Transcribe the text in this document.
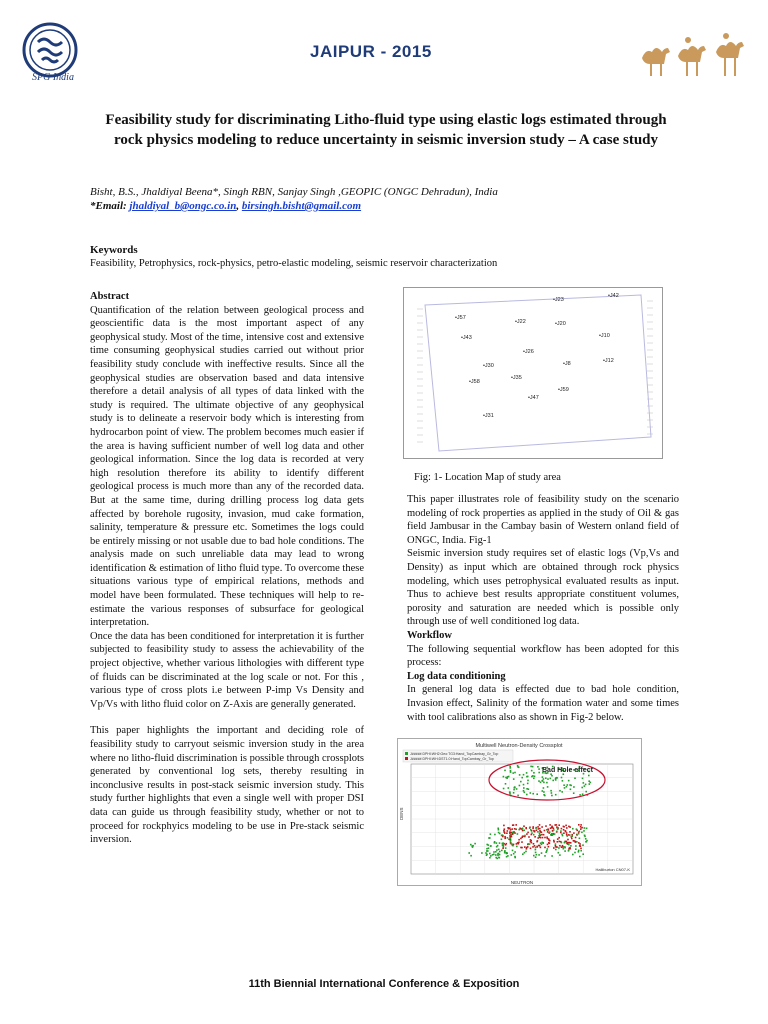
SPG India
JAIPUR - 2015
Feasibility study for discriminating Litho-fluid type using elastic logs estimated through rock physics modeling to reduce uncertainty in seismic inversion study – A case study
Bisht, B.S., Jhaldiyal Beena*, Singh RBN, Sanjay Singh ,GEOPIC (ONGC Dehradun), India
*Email: jhaldiyal_b@ongc.co.in, birsingh.bisht@gmail.com
Keywords
Feasibility, Petrophysics, rock-physics, petro-elastic modeling, seismic reservoir characterization

Abstract

Quantification of the relation between geological process and geoscientific data is the most important aspect of any geophysical study. Most of the time, intensive cost and extensive time consuming geophysical studies carried out without prior feasibility study conclude with ineffective results. Since all the geophysical studies are observation based and data intensive therefore a detail analysis of all types of data linked with the study is required. The ultimate objective of any geophysical study is to delineate a reservoir body which is interesting from hydrocarbon point of view. The problem becomes much easier if the area is having sufficient number of well log data and other geological information. Since the log data is recorded at very high resolution therefore its ability to identify different geological process is much more than any of the recorded data. But at the same time, during drilling process log data gets affected by borehole rugosity, invasion, mud cake formation, salinity, temperature & pressure etc. Sometimes the logs could be entirely missing or not usable due to bad hole conditions. The analysis made on such unreliable data may lead to wrong identification & estimation of litho fluid type. To overcome these situations various type of empirical relations, methods and model have been formulated. These techniques will help to re-estimate the various responses of subsurface for geological interpretation.

Once the data has been conditioned for interpretation it is further subjected to feasibility study to assess the achievability of the project objective, whether various lithologies with different type of fluids can be discriminated at the log scale or not. For this , various type of cross plots i.e between P-imp Vs Density and Vp/Vs with litho fluid color on Z-Axis are generally generated.

This paper highlights the important and deciding role of feasibility study to carryout seismic inversion study in the area where no litho-fluid discrimination is possible through crossplots generated by conventional log sets, thereby resulting in inconclusive results in post-stack seismic inversion study. This study further highlights that even a single well with proper DSI data can guide us through feasibility study, whether or not to proceed for rockphyics modeling to be use in Pre-stack seismic inversion.

•J23
•J42
•J57
•J22	•J20
•J10
•J43
•J26
•J8	•J12
•J30
•J35
•J58
•J59
•J47
•J31
Fig: 1- Location Map of study area

This paper illustrates role of feasibility study on the scenario modeling of rock properties as applied in the study of Oil & gas field Jambusar in the Cambay basin of Western onland field of ONGC, India. Fig-1

Seismic inversion study requires set of elastic logs (Vp,Vs and Density) as input which are obtained through rock physics modeling, which uses petrophysical evaluated results as input. Thus to achieve best results appropriate constituent volumes, porosity and saturation are needed which is possible only through use of well conditioned log data.

Workflow

The following sequential workflow has been adopted for this process:

Log data conditioning

In general log data is effected due to bad hole condition, Invasion effect, Salinity of the formation water and some times with tool calibrations also as shown in Fig-2 below.

Multiwell Neutron-Density Crossplot
J#####:DPHI:WH2:Geo:TG3:Hand_TopCambay_Gr_Top
J#####:DPHI:WH:DST1.0:Hand_TopCambay_Gr_Top
Bad Hole effect
NEUTRON
DENS
Halliburton CN07-K
11th Biennial International Conference & Exposition
